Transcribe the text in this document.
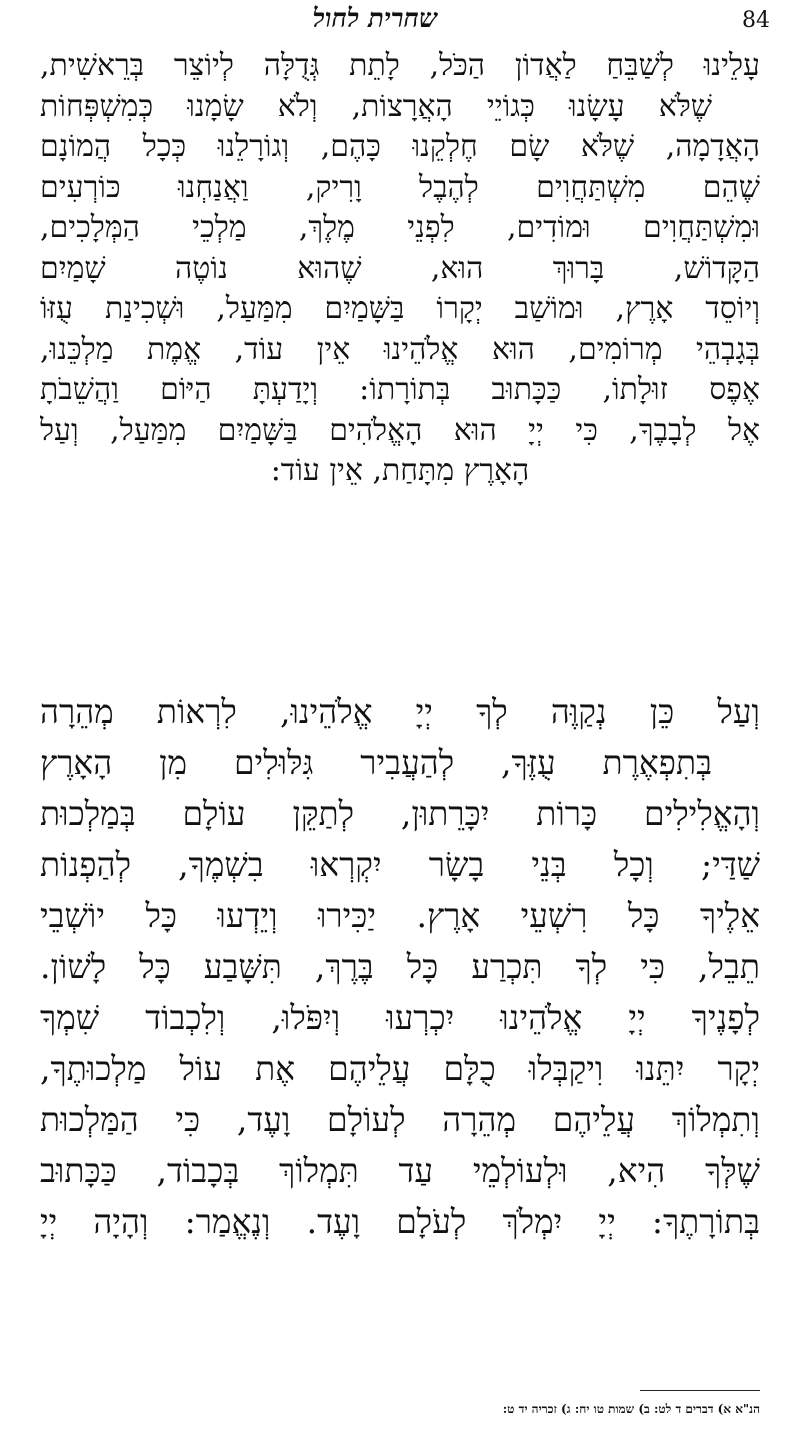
שחרית לחול	84
עָלֵינוּ לְשַׁבֵּחַ לַאֲדוֹן הַכֹּל, לָתֵת גְּדֻלָּה לְיוֹצֵר בְּרֵאשִׁית,
שֶׁלֹּא עָשָׂנוּ כְּגוֹיֵי הָאֲרָצוֹת, וְלֹא שָׂמָנוּ כְּמִשְׁפְּחוֹת
הָאֲדָמָה, שֶׁלֹּא שָׂם חֶלְקֵנוּ כָּהֶם, וְגוֹרָלֵנוּ כְּכָל הֲמוֹנָם
שֶׁהֵם מִשְׁתַּחֲוִים לְהֶבֶל וָרִיק, וַאֲנַחְנוּ כּוֹרְעִים
וּמִשְׁתַּחֲוִים וּמוֹדִים, לִפְנֵי מֶלֶךְ, מַלְכֵי הַמְּלָכִים,
הַקָּדוֹשׁ, בָּרוּךְ הוּא, שֶׁהוּא נוֹטֶה שָׁמַיִם
וְיוֹסֵד אָרֶץ, וּמוֹשַׁב יְקָרוֹ בַּשָּׁמַיִם מִמַּעַל, וּשְׁכִינַת עֻזּוֹ
בְּגָבְהֵי מְרוֹמִים, הוּא אֱלֹהֵינוּ אֵין עוֹד, אֱמֶת מַלְכֵּנוּ,
אֶפֶס זוּלָתוֹ, כַּכָּתוּב בְּתוֹרָתוֹ: וְיָדַעְתָּ הַיּוֹם וַהֲשֵׁבֹתָ
אֶל לְבָבֶךָ, כִּי יְיָ הוּא הָאֱלֹהִים בַּשָּׁמַיִם מִמַּעַל, וְעַל
הָאָרֶץ מִתָּחַת, אֵין עוֹד:
וְעַל כֵּן נְקַוֶּה לְךָ יְיָ אֱלֹהֵינוּ, לִרְאוֹת מְהֵרָה
בְּתִפְאֶרֶת עֻזֶּךָ, לְהַעֲבִיר גִּלּוּלִים מִן הָאָרֶץ
וְהָאֱלִילִים כָּרוֹת יִכָּרֵתוּן, לְתַקֵּן עוֹלָם בְּמַלְכוּת
שַׁדַּי; וְכָל בְּנֵי בָשָׂר יִקְרְאוּ בִשְׁמֶךָ, לְהַפְנוֹת
אֵלֶיךָ כָּל רִשְׁעֵי אָרֶץ. יַכִּירוּ וְיֵדְעוּ כָּל יוֹשְׁבֵי
תֵבֵל, כִּי לְךָ תִּכְרַע כָּל בֶּרֶךְ, תִּשָּׁבַע כָּל לָשׁוֹן.
לְפָנֶיךָ יְיָ אֱלֹהֵינוּ יִכְרְעוּ וְיִפֹּלוּ, וְלִכְבוֹד שִׁמְךָ
יְקָר יִתֵּנוּ וִיקַבְּלוּ כֻלָּם עֲלֵיהֶם אֶת עוֹל מַלְכוּתֶךָ,
וְתִמְלוֹךְ עֲלֵיהֶם מְהֵרָה לְעוֹלָם וָעֶד, כִּי הַמַּלְכוּת
שֶׁלְּךָ הִיא, וּלְעוֹלְמֵי עַד תִּמְלוֹךְ בְּכָבוֹד, כַּכָּתוּב
בְּתוֹרָתֶךָ: יְיָ יִמְלֹךְ לְעֹלָם וָעֶד. וְנֶאֱמַר: וְהָיָה יְיָ
הנ"א א) דברים ד לט: ב) שמות טו יח: ג) זכריה יד ט:
